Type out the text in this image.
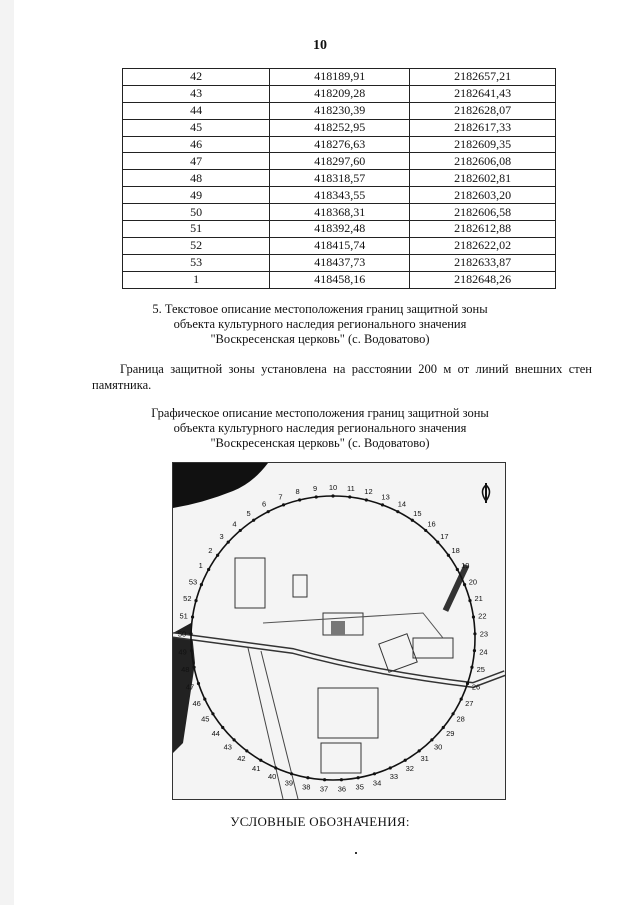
10
42	418189,91	2182657,21
43	418209,28	2182641,43
44	418230,39	2182628,07
45	418252,95	2182617,33
46	418276,63	2182609,35
47	418297,60	2182606,08
48	418318,57	2182602,81
49	418343,55	2182603,20
50	418368,31	2182606,58
51	418392,48	2182612,88
52	418415,74	2182622,02
53	418437,73	2182633,87
1	418458,16	2182648,26
5. Текстовое описание местоположения границ защитной зоны
объекта культурного наследия регионального значения
"Воскресенская церковь" (с. Водоватово)
Граница защитной зоны установлена на расстоянии 200 м от линий внешних стен памятника.
Графическое описание местоположения границ защитной зоны
объекта культурного наследия регионального значения
"Воскресенская церковь" (с. Водоватово)
1
2
3
4
5
6
7
8 9 10 11 12
13
14
15
16
17
18
19
20
21
22
23
24
25
26
27
28
29
30
31
32
33
34
35
36
37
38
39
40
41
42
43
44
45
46
47
48
49
50
51
52
53
УСЛОВНЫЕ ОБОЗНАЧЕНИЯ:
